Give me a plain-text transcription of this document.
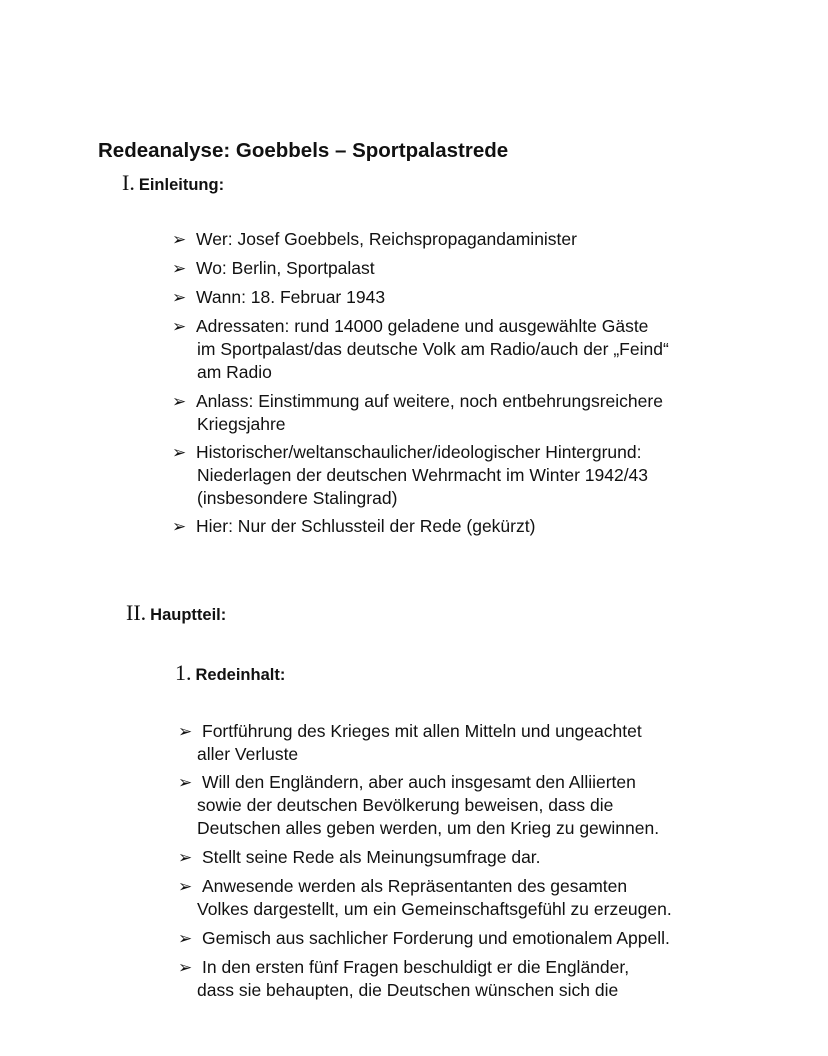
Redeanalyse: Goebbels – Sportpalastrede
I. Einleitung:
➢ Wer: Josef Goebbels, Reichspropagandaminister
➢ Wo: Berlin, Sportpalast
➢ Wann: 18. Februar 1943
➢ Adressaten: rund 14000 geladene und ausgewählte Gäste
im Sportpalast/das deutsche Volk am Radio/auch der „Feind“
am Radio
➢ Anlass: Einstimmung auf weitere, noch entbehrungsreichere
Kriegsjahre
➢ Historischer/weltanschaulicher/ideologischer Hintergrund:
Niederlagen der deutschen Wehrmacht im Winter 1942/43
(insbesondere Stalingrad)
➢ Hier: Nur der Schlussteil der Rede (gekürzt)
II. Hauptteil:
1. Redeinhalt:
➢ Fortführung des Krieges mit allen Mitteln und ungeachtet
aller Verluste
➢ Will den Engländern, aber auch insgesamt den Alliierten
sowie der deutschen Bevölkerung beweisen, dass die
Deutschen alles geben werden, um den Krieg zu gewinnen.
➢ Stellt seine Rede als Meinungsumfrage dar.
➢ Anwesende werden als Repräsentanten des gesamten
Volkes dargestellt, um ein Gemeinschaftsgefühl zu erzeugen.
➢ Gemisch aus sachlicher Forderung und emotionalem Appell.
➢ In den ersten fünf Fragen beschuldigt er die Engländer,
dass sie behaupten, die Deutschen wünschen sich die
